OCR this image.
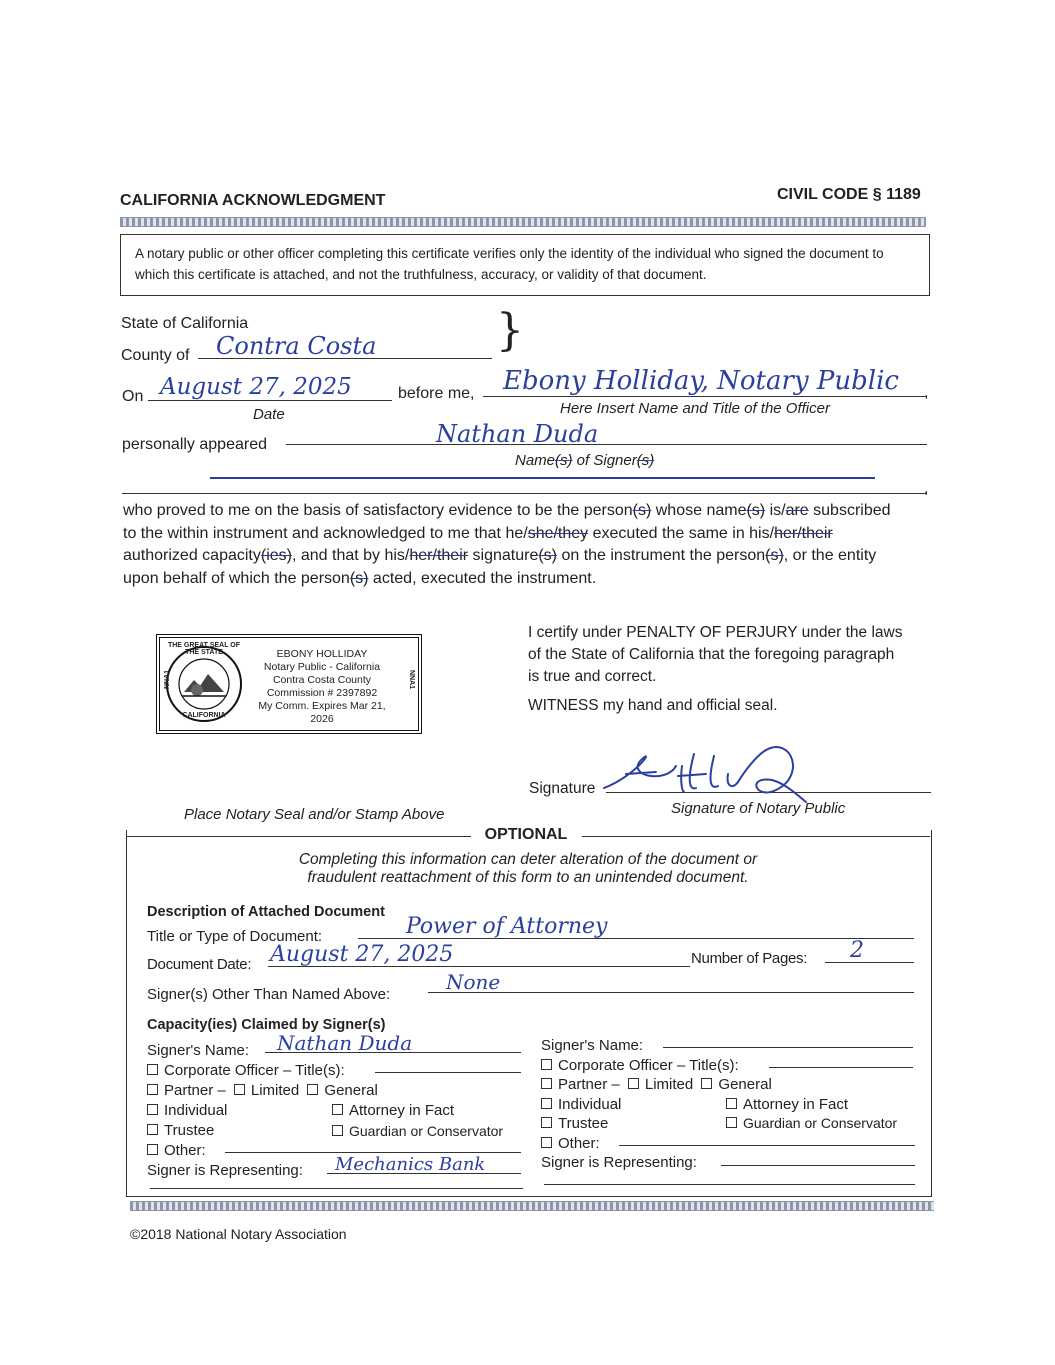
CALIFORNIA ACKNOWLEDGMENT	CIVIL CODE § 1189
A notary public or other officer completing this certificate verifies only the identity of the individual who signed the document to which this certificate is attached, and not the truthfulness, accuracy, or validity of that document.
State of California	}
County of Contra Costa
On August 27, 2025
Date
before me,	,
Ebony Holliday, Notary Public
Here Insert Name and Title of the Officer
personally appeared	Nathan Duda
Name(s) of Signer(s)
,
who proved to me on the basis of satisfactory evidence to be the person(s) whose name(s) is/are subscribed
to the within instrument and acknowledged to me that he/she/they executed the same in his/her/their
authorized capacity(ies), and that by his/her/their signature(s) on the instrument the person(s), or the entity
upon behalf of which the person(s) acted, executed the instrument.
THE GREAT SEAL OF THE STATE
CALIFORNIA
NNA1	NNA1
EBONY HOLLIDAY
Notary Public - California
Contra Costa County
Commission # 2397892
My Comm. Expires Mar 21, 2026
Place Notary Seal and/or Stamp Above
I certify under PENALTY OF PERJURY under the laws of the State of California that the foregoing paragraph is true and correct.
WITNESS my hand and official seal.
Signature
Signature of Notary Public
OPTIONAL
Completing this information can deter alteration of the document or
fraudulent reattachment of this form to an unintended document.
Description of Attached Document
Title or Type of Document:	Power of Attorney
Document Date: August 27, 2025	Number of Pages: 2
Signer(s) Other Than Named Above:
None
Capacity(ies) Claimed by Signer(s)
Signer's Name: Nathan Duda
Corporate Officer – Title(s):
Partner – Limited General
Individual	Attorney in Fact
Trustee	Guardian or Conservator
Other:
Signer is Representing: Mechanics Bank
Signer's Name:
Corporate Officer – Title(s):
Partner – Limited General
Individual	Attorney in Fact
Trustee	Guardian or Conservator
Other:
Signer is Representing:
©2018 National Notary Association
